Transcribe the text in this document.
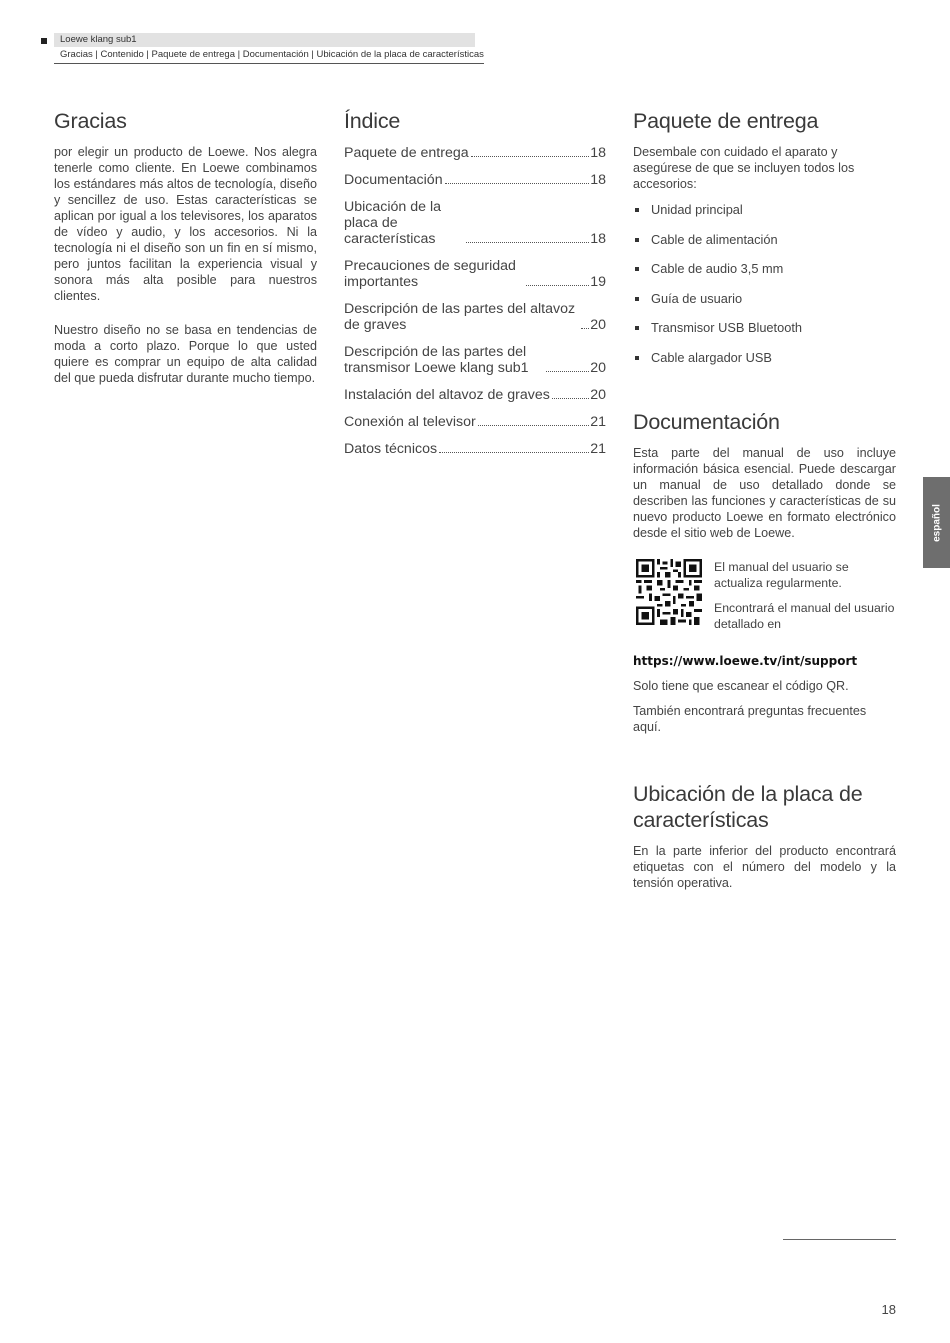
Loewe klang sub1
Gracias | Contenido | Paquete de entrega | Documentación | Ubicación de la placa de características
Gracias

por elegir un producto de Loewe. Nos alegra tenerle como cliente. En Loewe combinamos los estándares más altos de tecnología, diseño y sencillez de uso. Estas características se aplican por igual a los televisores, los aparatos de vídeo y audio, y los accesorios. Ni la tecnología ni el diseño son un fin en sí mismo, pero juntos facilitan la experiencia visual y sonora más alta posible para nuestros clientes.

Nuestro diseño no se basa en tendencias de moda a corto plazo. Porque lo que usted quiere es comprar un equipo de alta calidad del que pueda disfrutar durante mucho tiempo.

Índice
Paquete de entrega	18
Documentación	18
Ubicación de la placa de características	18
Precauciones de seguridad importantes	19
Descripción de las partes del altavoz de graves	20
Descripción de las partes del transmisor Loewe klang sub1	20
Instalación del altavoz de graves	20
Conexión al televisor	21
Datos técnicos	21
Paquete de entrega

Desembale con cuidado el aparato y asegúrese de que se incluyen todos los accesorios:

Unidad principal
Cable de alimentación
Cable de audio 3,5 mm
Guía de usuario
Transmisor USB Bluetooth
Cable alargador USB
Documentación

Esta parte del manual de uso incluye información básica esencial. Puede descargar un manual de uso detallado donde se describen las funciones y características de su nuevo producto Loewe en formato electrónico desde el sitio web de Loewe.

El manual del usuario se actualiza regularmente.

Encontrará el manual del usuario detallado en

https://www.loewe.tv/int/support

Solo tiene que escanear el código QR.

También encontrará preguntas frecuentes aquí.

Ubicación de la placa de características

En la parte inferior del producto encontrará etiquetas con el número del modelo y la tensión operativa.

español
18
